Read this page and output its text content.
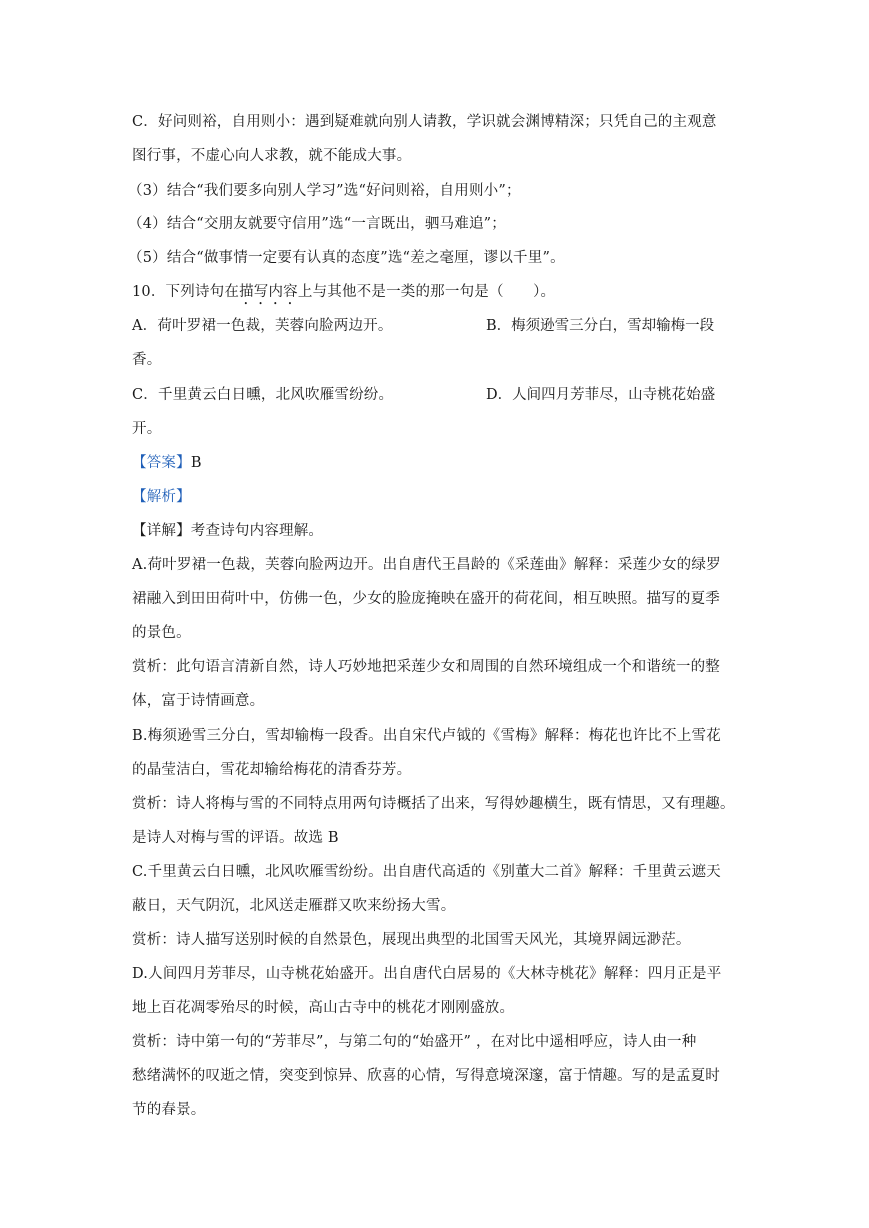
C．好问则裕，自用则小：遇到疑难就向别人请教，学识就会渊博精深；只凭自己的主观意
图行事，不虚心向人求教，就不能成大事。
（3）结合“我们要多向别人学习”选“好问则裕，自用则小”；
（4）结合“交朋友就要守信用”选“一言既出，驷马难追”；
（5）结合“做事情一定要有认真的态度”选“差之毫厘，谬以千里”。
10．下列诗句在描写内容上与其他不是一类的那一句是（　　）。
A．荷叶罗裙一色裁，芙蓉向脸两边开。	B．梅须逊雪三分白，雪却输梅一段
香。
C．千里黄云白日曛，北风吹雁雪纷纷。	D．人间四月芳菲尽，山寺桃花始盛
开。
【答案】B
【解析】
【详解】考查诗句内容理解。
A.荷叶罗裙一色裁，芙蓉向脸两边开。出自唐代王昌龄的《采莲曲》解释：采莲少女的绿罗
裙融入到田田荷叶中，仿佛一色，少女的脸庞掩映在盛开的荷花间，相互映照。描写的夏季
的景色。
赏析：此句语言清新自然，诗人巧妙地把采莲少女和周围的自然环境组成一个和谐统一的整
体，富于诗情画意。
B.梅须逊雪三分白，雪却输梅一段香。出自宋代卢钺的《雪梅》解释：梅花也许比不上雪花
的晶莹洁白，雪花却输给梅花的清香芬芳。
赏析：诗人将梅与雪的不同特点用两句诗概括了出来，写得妙趣横生，既有情思，又有理趣。
是诗人对梅与雪的评语。故选 B
C.千里黄云白日曛，北风吹雁雪纷纷。出自唐代高适的《别董大二首》解释：千里黄云遮天
蔽日，天气阴沉，北风送走雁群又吹来纷扬大雪。
赏析：诗人描写送别时候的自然景色，展现出典型的北国雪天风光，其境界阔远渺茫。
D.人间四月芳菲尽，山寺桃花始盛开。出自唐代白居易的《大林寺桃花》解释：四月正是平
地上百花凋零殆尽的时候，高山古寺中的桃花才刚刚盛放。
赏析：诗中第一句的“芳菲尽”，与第二句的“始盛开” ，在对比中遥相呼应，诗人由一种
愁绪满怀的叹逝之情，突变到惊异、欣喜的心情，写得意境深邃，富于情趣。写的是孟夏时
节的春景。
